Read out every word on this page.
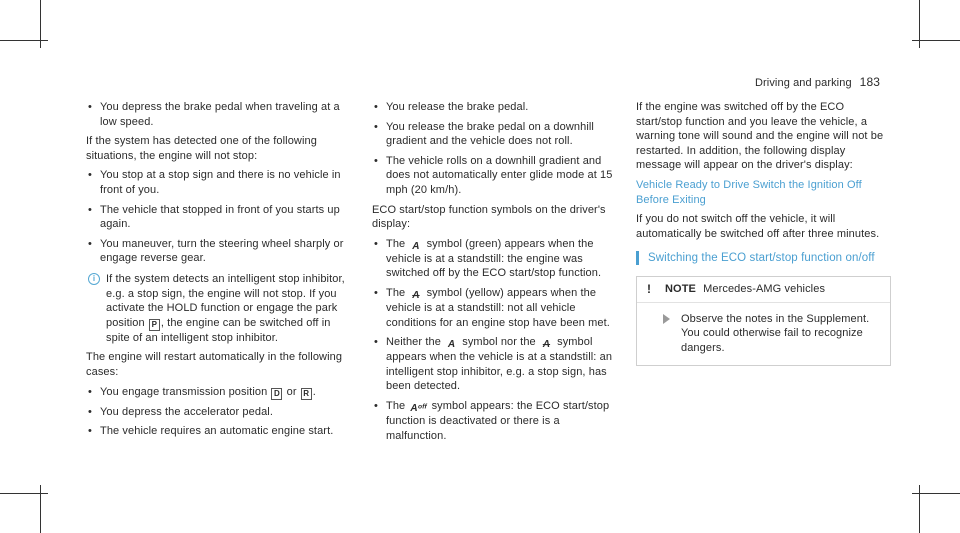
Driving and parking 183
• You depress the brake pedal when traveling at a low speed.

If the system has detected one of the following situations, the engine will not stop:

• You stop at a stop sign and there is no vehicle in front of you.
• The vehicle that stopped in front of you starts up again.
• You maneuver, turn the steering wheel sharply or engage reverse gear.
i If the system detects an intelligent stop inhibitor, e.g. a stop sign, the engine will not stop. If you activate the HOLD function or engage the park position P , the engine can be switched off in spite of an intelligent stop inhibitor.

The engine will restart automatically in the following cases:

• You engage transmission position D or R .
• You depress the accelerator pedal.
• The vehicle requires an automatic engine start.
• You release the brake pedal.
• You release the brake pedal on a downhill gradient and the vehicle does not roll.
• The vehicle rolls on a downhill gradient and does not automatically enter glide mode at 15 mph (20 km/h).

ECO start/stop function symbols on the driver's display:

• The A symbol (green) appears when the vehicle is at a standstill: the engine was switched off by the ECO start/stop function.
• The A symbol (yellow) appears when the vehicle is at a standstill: not all vehicle conditions for an engine stop have been met.
• Neither the A symbol nor the A symbol appears when the vehicle is at a standstill: an intelligent stop inhibitor, e.g. a stop sign, has been detected.
• The Aᵒᶠᶠ symbol appears: the ECO start/stop function is deactivated or there is a malfunction.

If the engine was switched off by the ECO start/stop function and you leave the vehicle, a warning tone will sound and the engine will not be restarted. In addition, the following display message will appear on the driver's display:

Vehicle Ready to Drive Switch the Ignition Off

Before Exiting

If you do not switch off the vehicle, it will automatically be switched off after three minutes.

Switching the ECO start/stop function on/off
! NOTE Mercedes-AMG vehicles
Observe the notes in the Supplement. You could otherwise fail to recognize dangers.
